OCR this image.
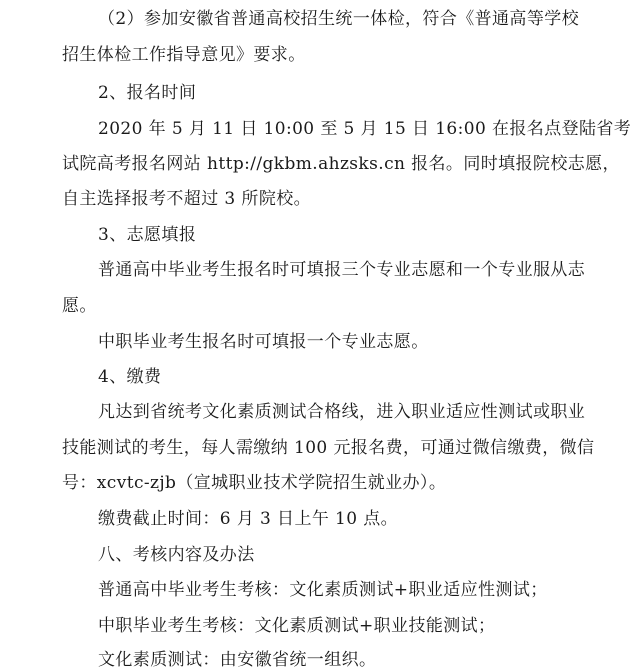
（2）参加安徽省普通高校招生统一体检，符合《普通高等学校
招生体检工作指导意见》要求。
2、报名时间
2020 年 5 月 11 日 10:00 至 5 月 15 日 16:00 在报名点登陆省考
试院高考报名网站 http://gkbm.ahzsks.cn 报名。同时填报院校志愿，
自主选择报考不超过 3 所院校。
3、志愿填报
普通高中毕业考生报名时可填报三个专业志愿和一个专业服从志
愿。
中职毕业考生报名时可填报一个专业志愿。
4、缴费
凡达到省统考文化素质测试合格线，进入职业适应性测试或职业
技能测试的考生，每人需缴纳 100 元报名费，可通过微信缴费，微信
号：xcvtc-zjb（宣城职业技术学院招生就业办）。
缴费截止时间：6 月 3 日上午 10 点。
八、考核内容及办法
普通高中毕业考生考核：文化素质测试+职业适应性测试；
中职毕业考生考核：文化素质测试+职业技能测试；
文化素质测试：由安徽省统一组织。
